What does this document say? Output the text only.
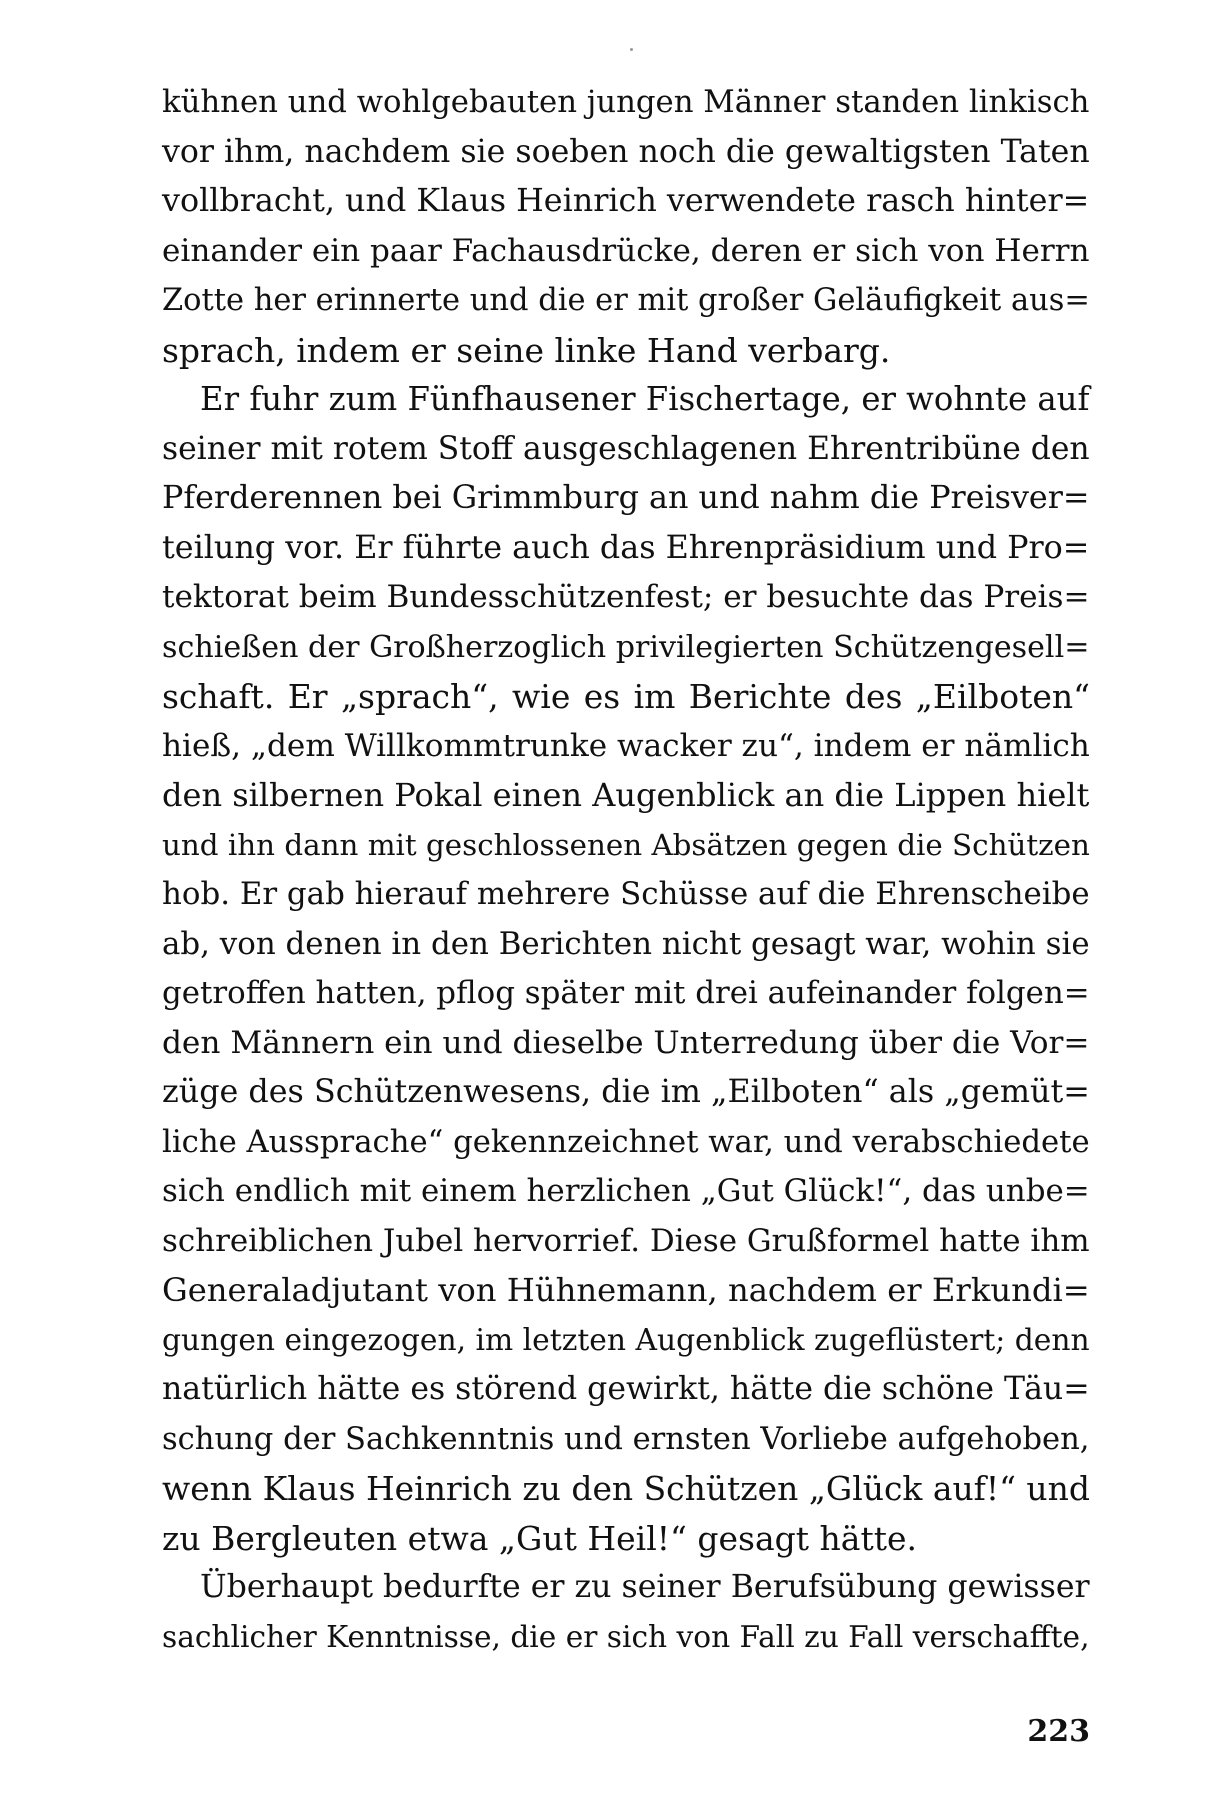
kühnen und wohlgebauten jungen Männer standen linkisch
vor ihm, nachdem sie soeben noch die gewaltigsten Taten
vollbracht, und Klaus Heinrich verwendete rasch hinter=
einander ein paar Fachausdrücke, deren er sich von Herrn
Zotte her erinnerte und die er mit großer Geläufigkeit aus=
sprach, indem er seine linke Hand verbarg.
Er fuhr zum Fünfhausener Fischertage, er wohnte auf
seiner mit rotem Stoff ausgeschlagenen Ehrentribüne den
Pferderennen bei Grimmburg an und nahm die Preisver=
teilung vor. Er führte auch das Ehrenpräsidium und Pro=
tektorat beim Bundesschützenfest; er besuchte das Preis=
schießen der Großherzoglich privilegierten Schützengesell=
schaft. Er „sprach“, wie es im Berichte des „Eilboten“
hieß, „dem Willkommtrunke wacker zu“, indem er nämlich
den silbernen Pokal einen Augenblick an die Lippen hielt
und ihn dann mit geschlossenen Absätzen gegen die Schützen
hob. Er gab hierauf mehrere Schüsse auf die Ehrenscheibe
ab, von denen in den Berichten nicht gesagt war, wohin sie
getroffen hatten, pflog später mit drei aufeinander folgen=
den Männern ein und dieselbe Unterredung über die Vor=
züge des Schützenwesens, die im „Eilboten“ als „gemüt=
liche Aussprache“ gekennzeichnet war, und verabschiedete
sich endlich mit einem herzlichen „Gut Glück!“, das unbe=
schreiblichen Jubel hervorrief. Diese Grußformel hatte ihm
Generaladjutant von Hühnemann, nachdem er Erkundi=
gungen eingezogen, im letzten Augenblick zugeflüstert; denn
natürlich hätte es störend gewirkt, hätte die schöne Täu=
schung der Sachkenntnis und ernsten Vorliebe aufgehoben,
wenn Klaus Heinrich zu den Schützen „Glück auf!“ und
zu Bergleuten etwa „Gut Heil!“ gesagt hätte.
Überhaupt bedurfte er zu seiner Berufsübung gewisser
sachlicher Kenntnisse, die er sich von Fall zu Fall verschaffte,
223
